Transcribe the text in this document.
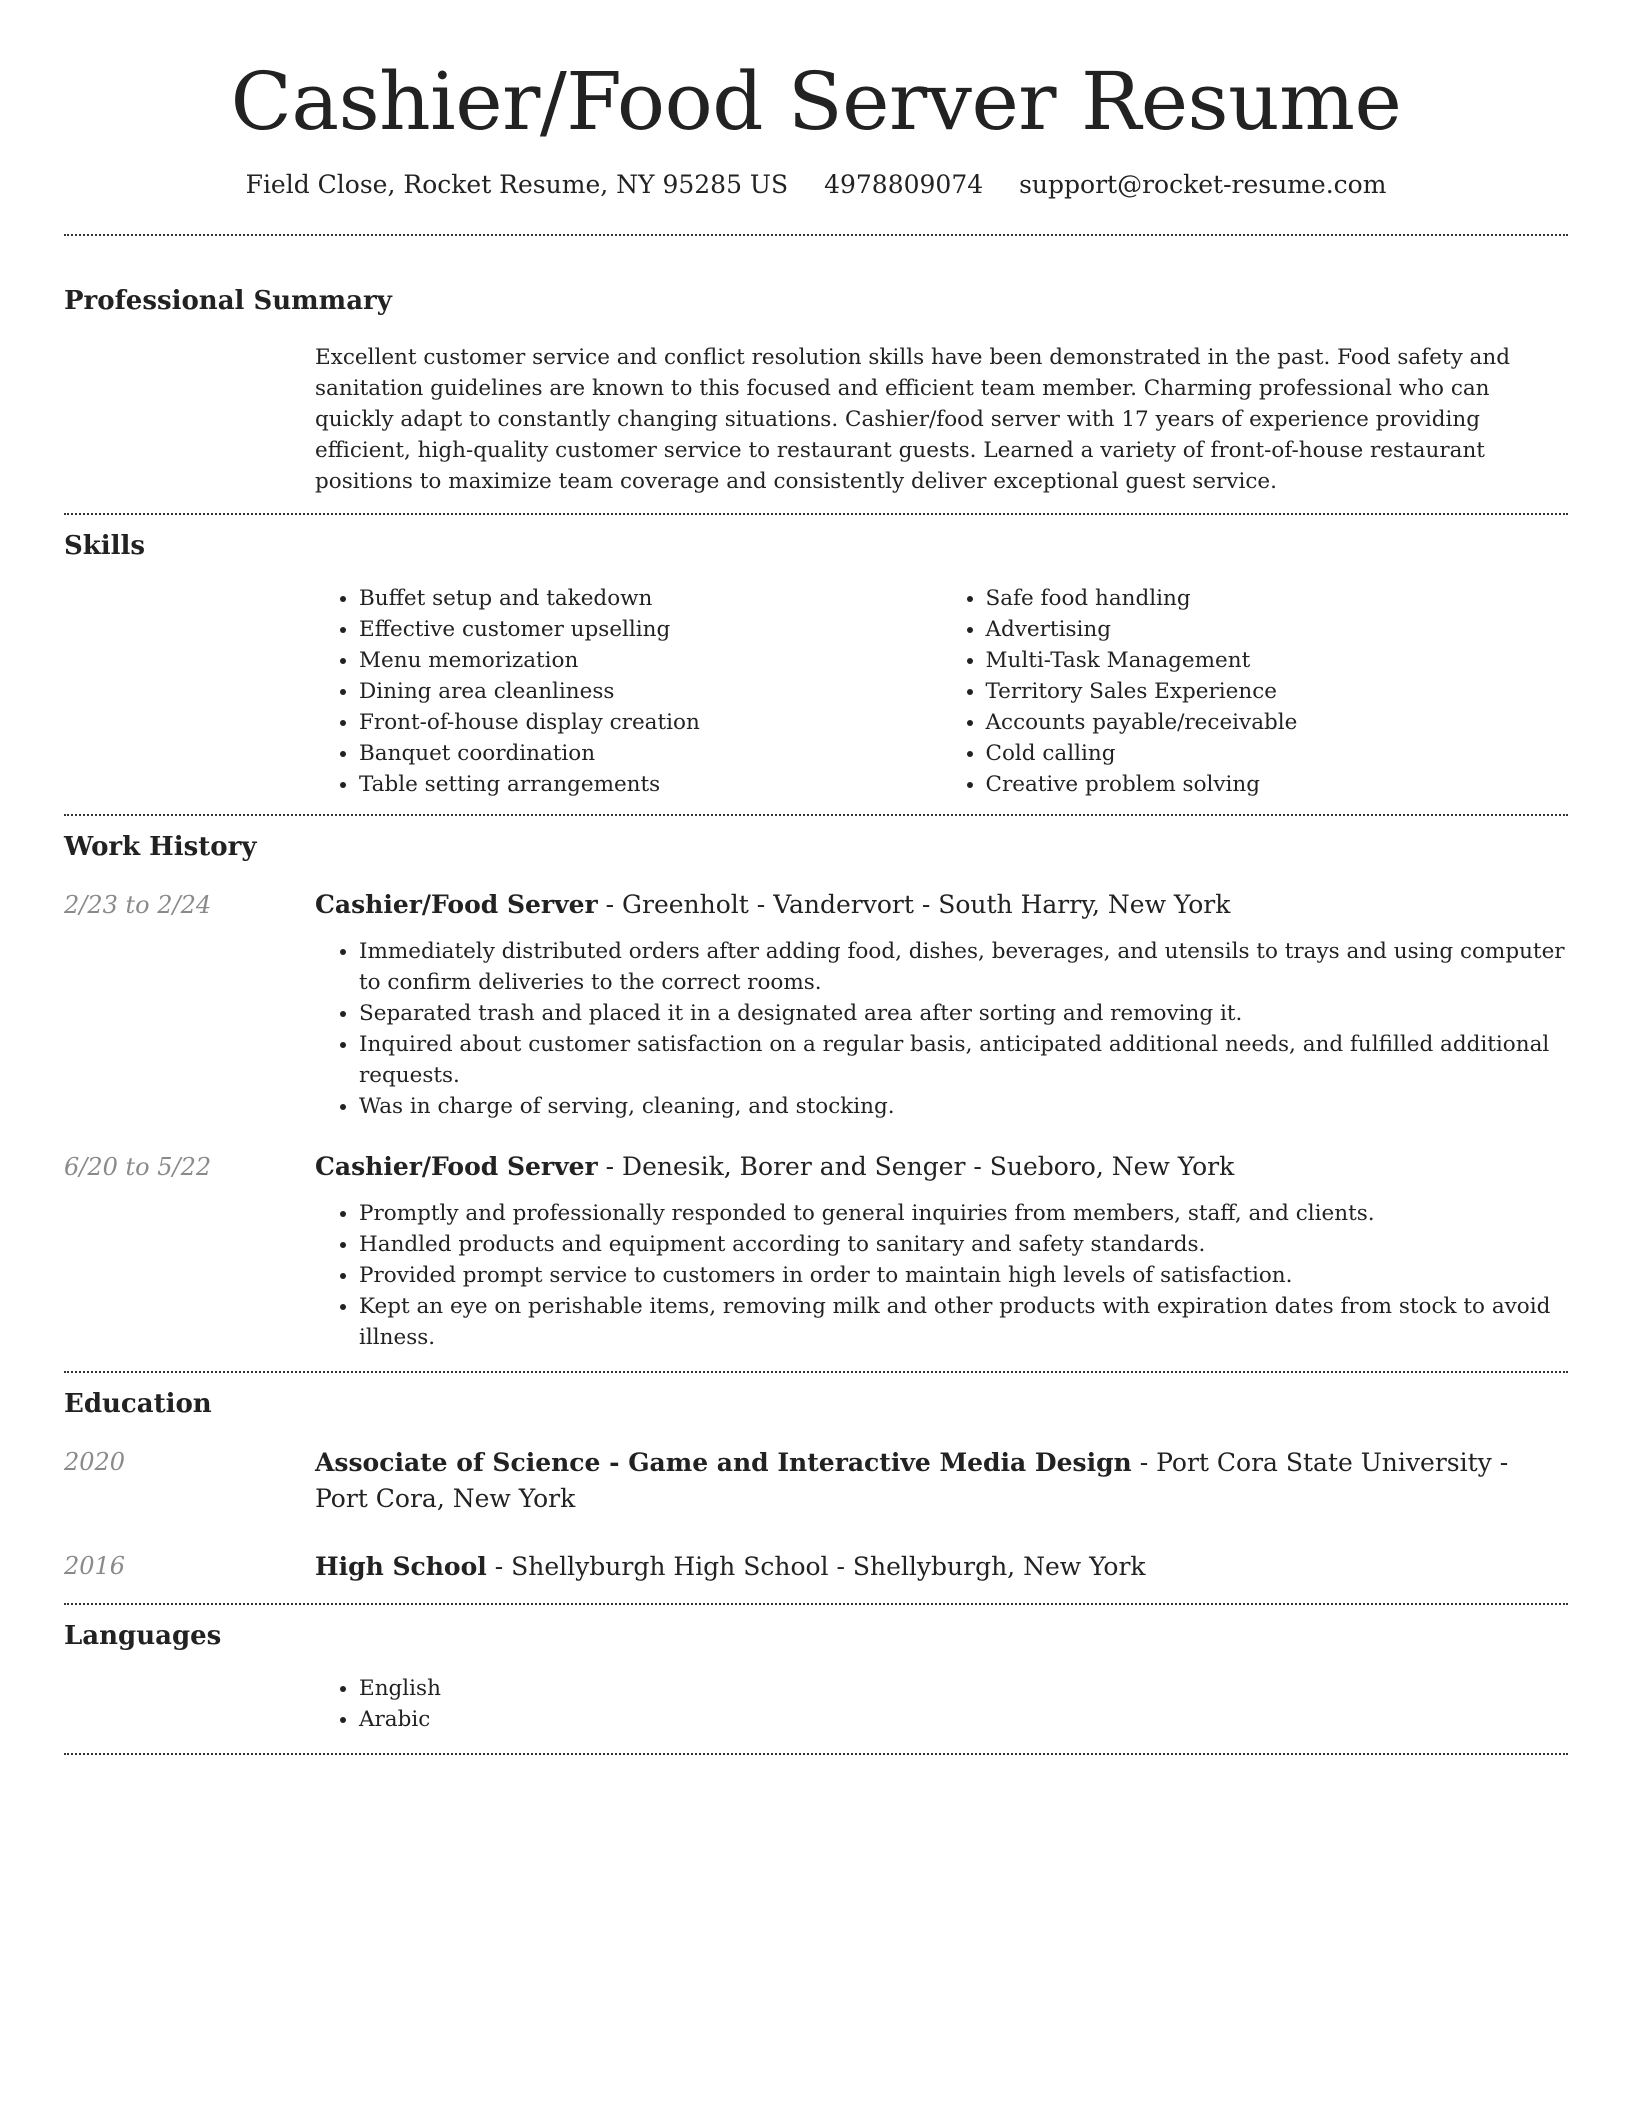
Cashier/Food Server Resume
Field Close, Rocket Resume, NY 95285 US 4978809074 support@rocket-resume.com
Professional Summary

Excellent customer service and conflict resolution skills have been demonstrated in the past. Food safety and sanitation guidelines are known to this focused and efficient team member. Charming professional who can quickly adapt to constantly changing situations. Cashier/food server with 17 years of experience providing efficient, high-quality customer service to restaurant guests. Learned a variety of front-of-house restaurant positions to maximize team coverage and consistently deliver exceptional guest service.

Skills
• Buffet setup and takedown
• Effective customer upselling
• Menu memorization
• Dining area cleanliness
• Front-of-house display creation
• Banquet coordination
• Table setting arrangements
• Safe food handling
• Advertising
• Multi-Task Management
• Territory Sales Experience
• Accounts payable/receivable
• Cold calling
• Creative problem solving
Work History
2/23 to 2/24	Cashier/Food Server - Greenholt - Vandervort - South Harry, New York

• Immediately distributed orders after adding food, dishes, beverages, and utensils to trays and using computer to confirm deliveries to the correct rooms.
• Separated trash and placed it in a designated area after sorting and removing it.
• Inquired about customer satisfaction on a regular basis, anticipated additional needs, and fulfilled additional requests.
• Was in charge of serving, cleaning, and stocking.
6/20 to 5/22	Cashier/Food Server - Denesik, Borer and Senger - Sueboro, New York

• Promptly and professionally responded to general inquiries from members, staff, and clients.
• Handled products and equipment according to sanitary and safety standards.
• Provided prompt service to customers in order to maintain high levels of satisfaction.
• Kept an eye on perishable items, removing milk and other products with expiration dates from stock to avoid illness.
Education
2020	Associate of Science - Game and Interactive Media Design - Port Cora State University - Port Cora, New York

2016	High School - Shellyburgh High School - Shellyburgh, New York

Languages
• English
• Arabic
